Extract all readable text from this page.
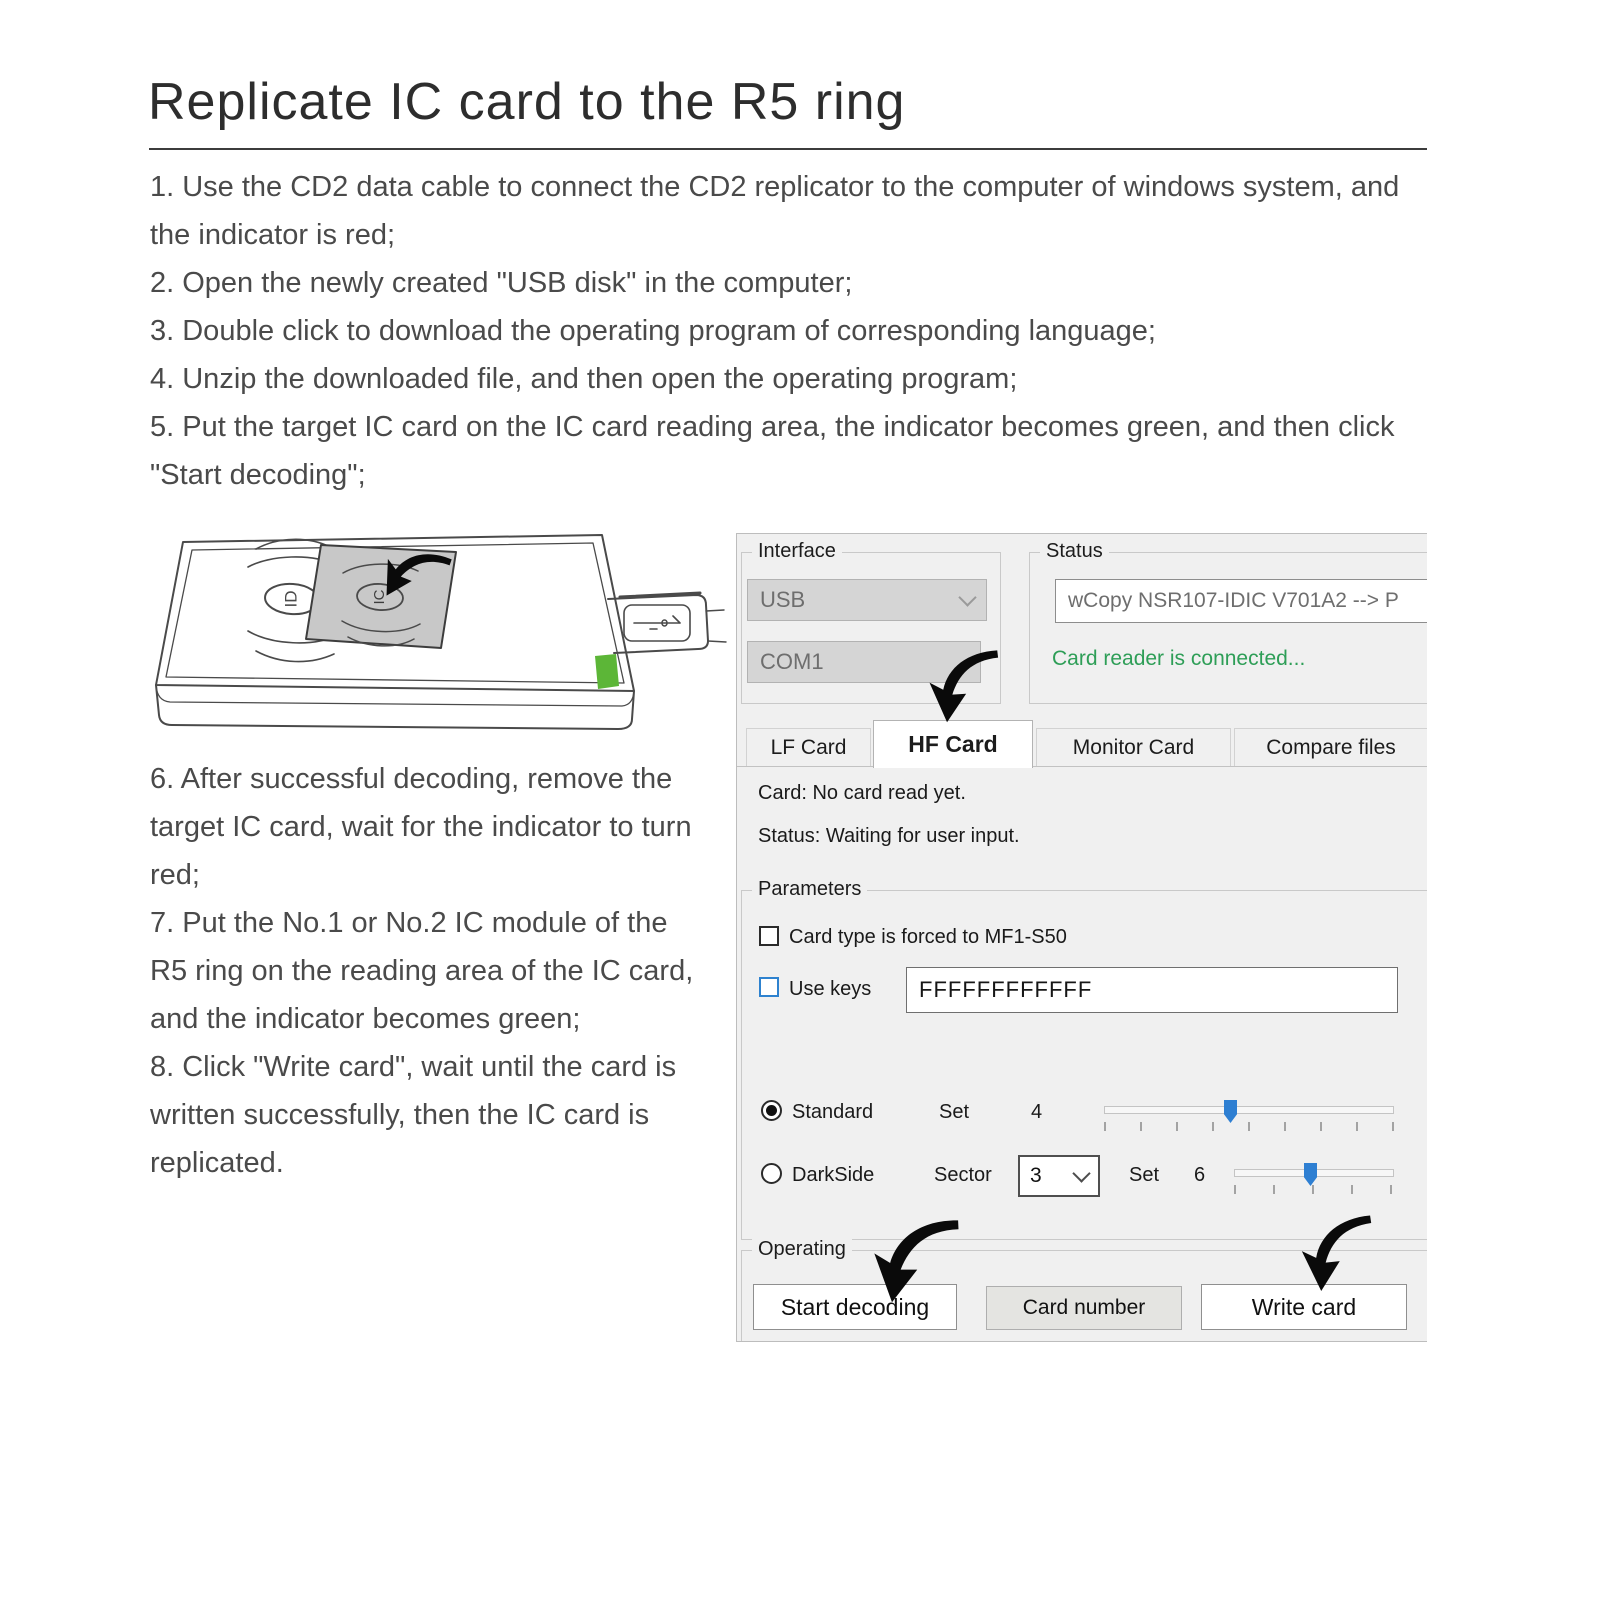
Replicate IC card to the R5 ring

1. Use the CD2 data cable to connect the CD2 replicator to the computer of windows system, and the indicator is red;

2. Open the newly created "USB disk" in the computer;

3. Double click to download the operating program of corresponding language;

4. Unzip the downloaded file, and then open the operating program;

5. Put the target IC card on the IC card reading area, the indicator becomes green, and then click "Start decoding";

ID	IC

6. After successful decoding, remove the target IC card, wait for the indicator to turn red;

7. Put the No.1 or No.2 IC module of the R5 ring on the reading area of the IC card, and the indicator becomes green;

8. Click "Write card", wait until the card is written successfully, then the IC card is replicated.

Interface
USB
COM1
Status
wCopy NSR107-IDIC V701A2 --> P
Card reader is connected...
LF Card	HF Card	Monitor Card	Compare files
Card: No card read yet.
Status: Waiting for user input.
Parameters
Card type is forced to MF1-S50
Use keys FFFFFFFFFFFF
Standard	Set	4
DarkSide	Sector 3	Set 6
Operating
Start decoding	Card number	Write card
